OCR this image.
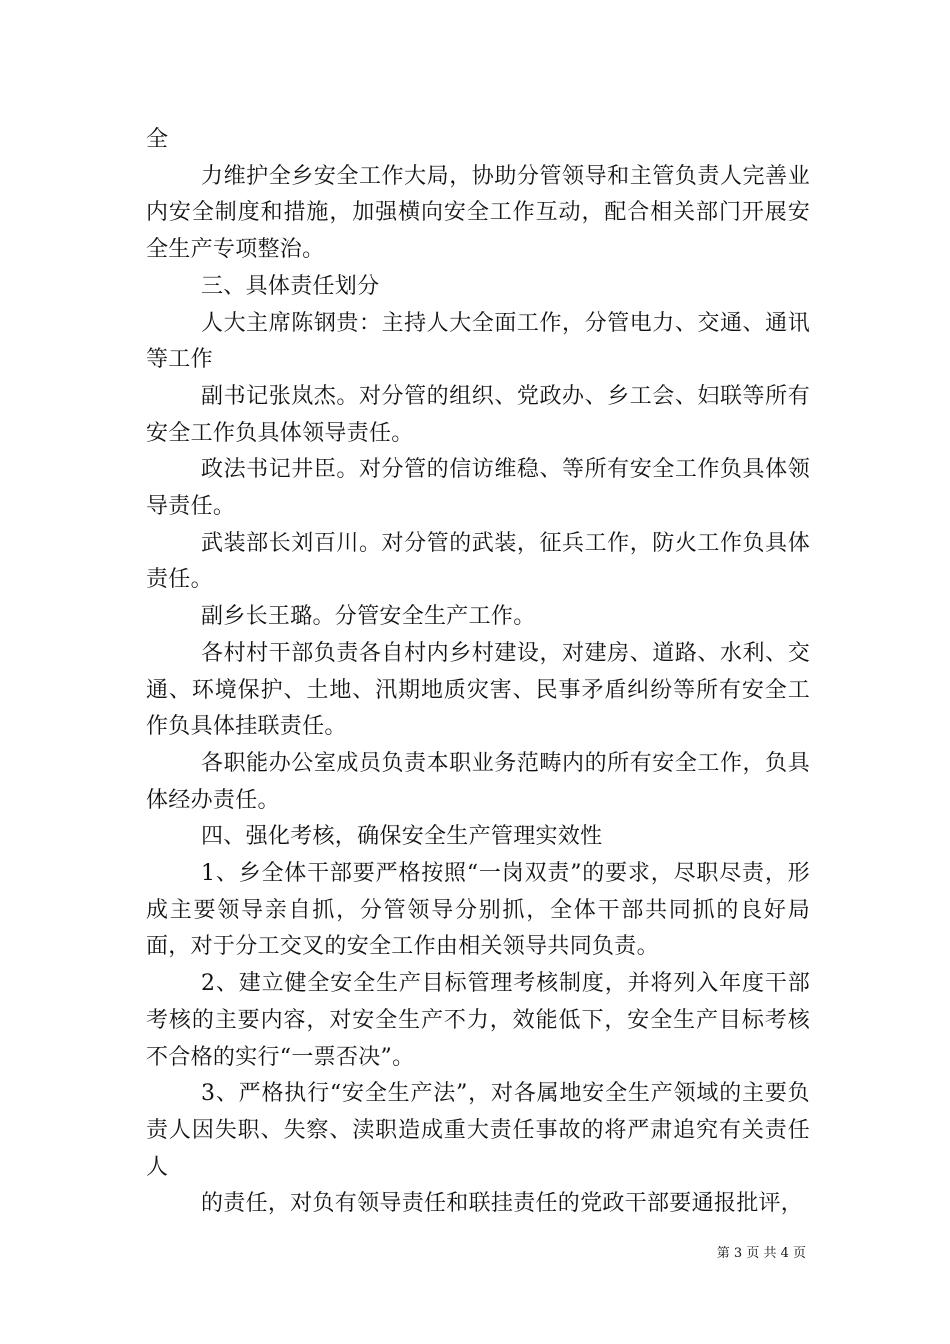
全

力维护全乡安全工作大局，协助分管领导和主管负责人完善业内安全制度和措施，加强横向安全工作互动，配合相关部门开展安全生产专项整治。

三、具体责任划分

人大主席陈钢贵：主持人大全面工作，分管电力、交通、通讯等工作

副书记张岚杰。对分管的组织、党政办、乡工会、妇联等所有安全工作负具体领导责任。

政法书记井臣。对分管的信访维稳、等所有安全工作负具体领导责任。

武装部长刘百川。对分管的武装，征兵工作，防火工作负具体责任。

副乡长王璐。分管安全生产工作。

各村村干部负责各自村内乡村建设，对建房、道路、水利、交通、环境保护、土地、汛期地质灾害、民事矛盾纠纷等所有安全工作负具体挂联责任。

各职能办公室成员负责本职业务范畴内的所有安全工作，负具体经办责任。

四、强化考核，确保安全生产管理实效性

1、乡全体干部要严格按照“一岗双责”的要求，尽职尽责，形成主要领导亲自抓，分管领导分别抓，全体干部共同抓的良好局面，对于分工交叉的安全工作由相关领导共同负责。

2、建立健全安全生产目标管理考核制度，并将列入年度干部考核的主要内容，对安全生产不力，效能低下，安全生产目标考核不合格的实行“一票否决”。

3、严格执行“安全生产法”，对各属地安全生产领域的主要负责人因失职、失察、渎职造成重大责任事故的将严肃追究有关责任人

的责任，对负有领导责任和联挂责任的党政干部要通报批评，

第 3 页 共 4 页
